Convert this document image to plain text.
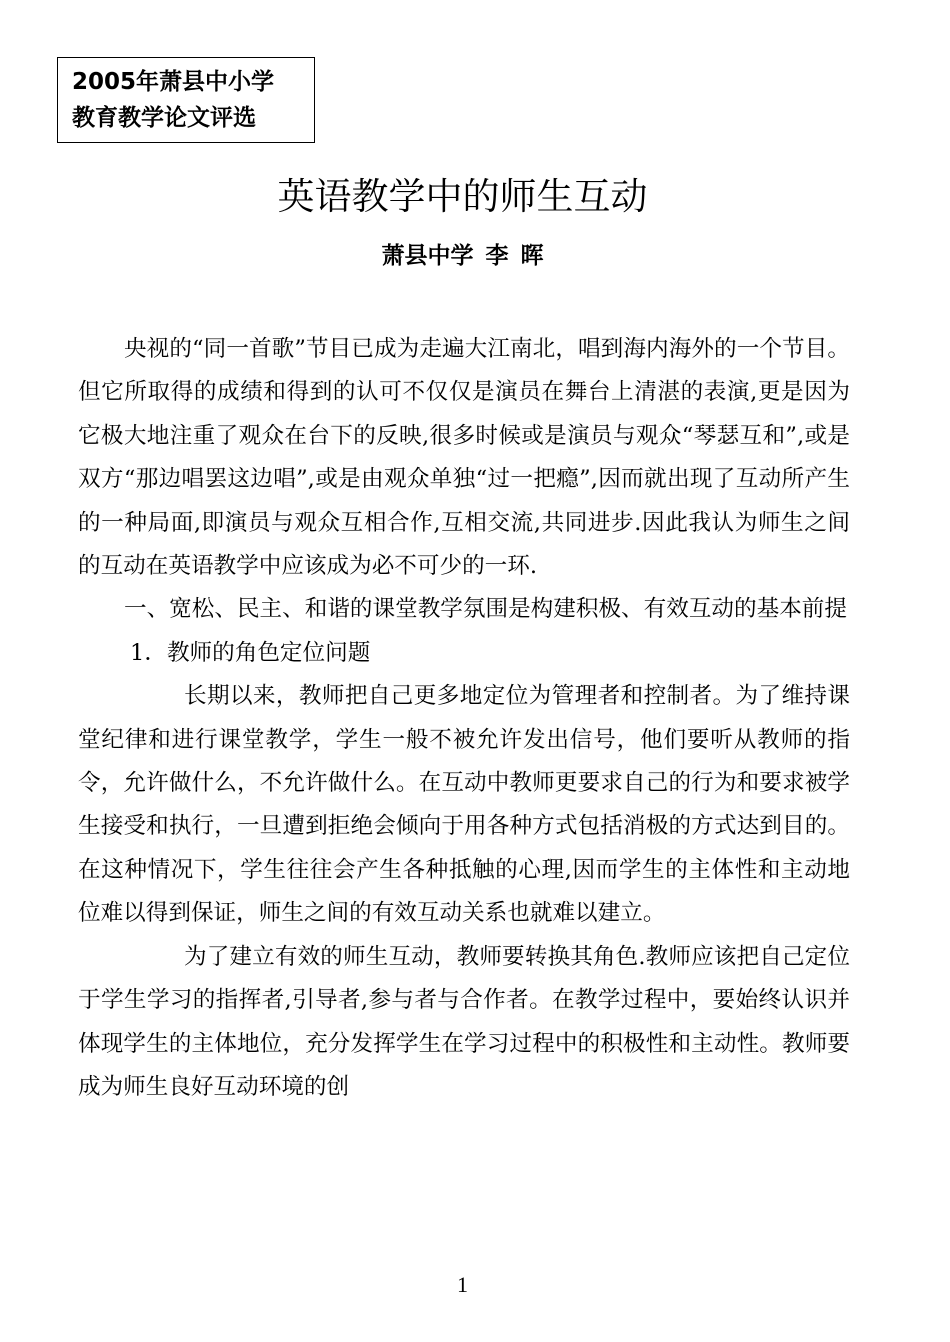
2005年萧县中小学
教育教学论文评选
英语教学中的师生互动
萧县中学 李 晖

央视的“同一首歌”节目已成为走遍大江南北，唱到海内海外的一个节目。但它所取得的成绩和得到的认可不仅仅是演员在舞台上清湛的表演,更是因为它极大地注重了观众在台下的反映,很多时候或是演员与观众“琴瑟互和”,或是双方“那边唱罢这边唱”,或是由观众单独“过一把瘾”,因而就出现了互动所产生的一种局面,即演员与观众互相合作,互相交流,共同进步.因此我认为师生之间的互动在英语教学中应该成为必不可少的一环.

一、宽松、民主、和谐的课堂教学氛围是构建积极、有效互动的基本前提

1．教师的角色定位问题

长期以来，教师把自己更多地定位为管理者和控制者。为了维持课堂纪律和进行课堂教学，学生一般不被允许发出信号，他们要听从教师的指令，允许做什么，不允许做什么。在互动中教师更要求自己的行为和要求被学生接受和执行，一旦遭到拒绝会倾向于用各种方式包括消极的方式达到目的。在这种情况下，学生往往会产生各种抵触的心理,因而学生的主体性和主动地位难以得到保证，师生之间的有效互动关系也就难以建立。

为了建立有效的师生互动，教师要转换其角色.教师应该把自己定位于学生学习的指挥者,引导者,参与者与合作者。在教学过程中，要始终认识并体现学生的主体地位，充分发挥学生在学习过程中的积极性和主动性。教师要成为师生良好互动环境的创

1
